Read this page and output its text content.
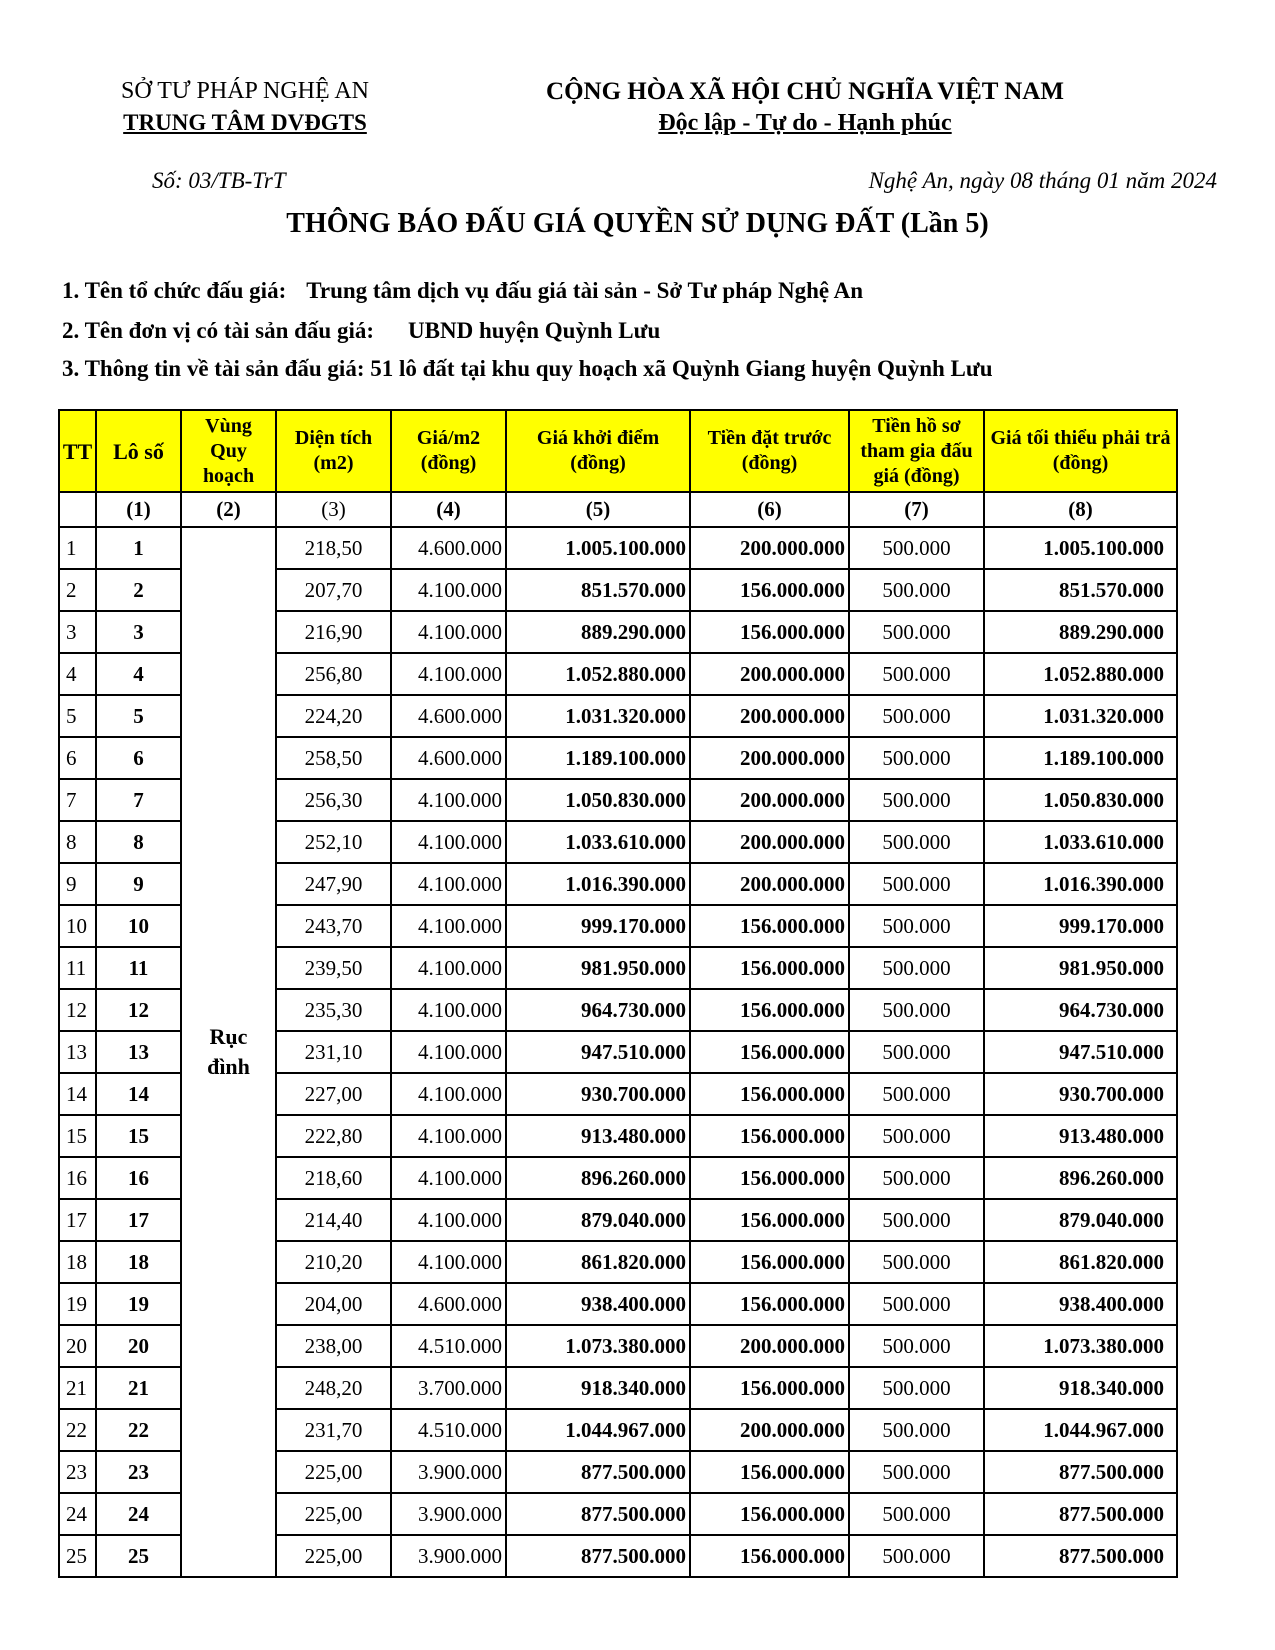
SỞ TƯ PHÁP NGHỆ AN
TRUNG TÂM DVĐGTS
CỘNG HÒA XÃ HỘI CHỦ NGHĨA VIỆT NAM
Độc lập - Tự do - Hạnh phúc
Số: 03/TB-TrT	Nghệ An, ngày 08 tháng 01 năm 2024
THÔNG BÁO ĐẤU GIÁ QUYỀN SỬ DỤNG ĐẤT (Lần 5)
1. Tên tổ chức đấu giá: Trung tâm dịch vụ đấu giá tài sản - Sở Tư pháp Nghệ An
2. Tên đơn vị có tài sản đấu giá: UBND huyện Quỳnh Lưu
3. Thông tin về tài sản đấu giá: 51 lô đất tại khu quy hoạch xã Quỳnh Giang huyện Quỳnh Lưu
TT	Lô số	Vùng Quy hoạch	Diện tích (m2)	Giá/m2 (đồng)	Giá khởi điểm (đồng)	Tiền đặt trước (đồng)	Tiền hồ sơ tham gia đấu giá (đồng)	Giá tối thiểu phải trả (đồng)
	(1)	(2)	(3)	(4)	(5)	(6)	(7)	(8)
1	1	Rục đình	218,50	4.600.000	1.005.100.000	200.000.000	500.000	1.005.100.000
2	2		207,70	4.100.000	851.570.000	156.000.000	500.000	851.570.000
3	3		216,90	4.100.000	889.290.000	156.000.000	500.000	889.290.000
4	4		256,80	4.100.000	1.052.880.000	200.000.000	500.000	1.052.880.000
5	5		224,20	4.600.000	1.031.320.000	200.000.000	500.000	1.031.320.000
6	6		258,50	4.600.000	1.189.100.000	200.000.000	500.000	1.189.100.000
7	7		256,30	4.100.000	1.050.830.000	200.000.000	500.000	1.050.830.000
8	8		252,10	4.100.000	1.033.610.000	200.000.000	500.000	1.033.610.000
9	9		247,90	4.100.000	1.016.390.000	200.000.000	500.000	1.016.390.000
10	10		243,70	4.100.000	999.170.000	156.000.000	500.000	999.170.000
11	11		239,50	4.100.000	981.950.000	156.000.000	500.000	981.950.000
12	12		235,30	4.100.000	964.730.000	156.000.000	500.000	964.730.000
13	13		231,10	4.100.000	947.510.000	156.000.000	500.000	947.510.000
14	14		227,00	4.100.000	930.700.000	156.000.000	500.000	930.700.000
15	15		222,80	4.100.000	913.480.000	156.000.000	500.000	913.480.000
16	16		218,60	4.100.000	896.260.000	156.000.000	500.000	896.260.000
17	17		214,40	4.100.000	879.040.000	156.000.000	500.000	879.040.000
18	18		210,20	4.100.000	861.820.000	156.000.000	500.000	861.820.000
19	19		204,00	4.600.000	938.400.000	156.000.000	500.000	938.400.000
20	20		238,00	4.510.000	1.073.380.000	200.000.000	500.000	1.073.380.000
21	21		248,20	3.700.000	918.340.000	156.000.000	500.000	918.340.000
22	22		231,70	4.510.000	1.044.967.000	200.000.000	500.000	1.044.967.000
23	23		225,00	3.900.000	877.500.000	156.000.000	500.000	877.500.000
24	24		225,00	3.900.000	877.500.000	156.000.000	500.000	877.500.000
25	25		225,00	3.900.000	877.500.000	156.000.000	500.000	877.500.000
